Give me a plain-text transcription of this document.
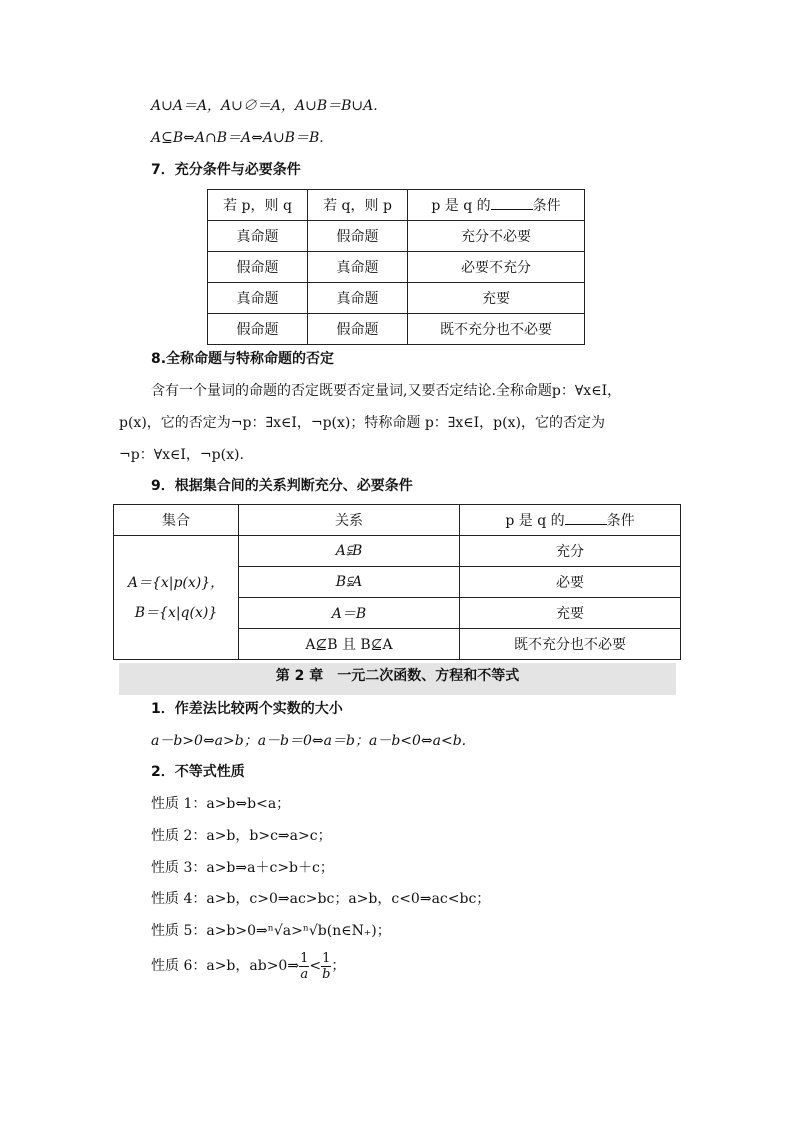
A∪A＝A，A∪∅＝A，A∪B＝B∪A.
A⊆B⇔A∩B＝A⇔A∪B＝B.
7．充分条件与必要条件
若 p，则 q	若 q，则 p	p 是 q 的 条件
真命题	假命题	充分不必要
假命题	真命题	必要不充分
真命题	真命题	充要
假命题	假命题	既不充分也不必要
8.全称命题与特称命题的否定
含有一个量词的命题的否定既要否定量词,又要否定结论.全称命题p：∀x∈I，
p(x)，它的否定为¬p：∃x∈I，¬p(x)；特称命题 p：∃x∈I，p(x)，它的否定为
¬p：∀x∈I，¬p(x).
9．根据集合间的关系判断充分、必要条件
集合	关系	p 是 q 的 条件

A＝{x|p(x)}，
B＝{x|q(x)}	A⫋B	充分
	B⫋A	必要
	A＝B	充要
	A⊈B 且 B⊈A	既不充分也不必要
第 2 章　一元二次函数、方程和不等式
1．作差法比较两个实数的大小
a－b>0⇔a>b；a－b＝0⇔a＝b；a－b<0⇔a<b.
2．不等式性质
性质 1：a>b⇔b<a；
性质 2：a>b，b>c⇒a>c；
性质 3：a>b⇒a＋c>b＋c；
性质 4：a>b，c>0⇒ac>bc；a>b，c<0⇒ac<bc；
性质 5：a>b>0⇒ⁿ√a>ⁿ√b(n∈N₊)；
性质 6：a>b，ab>0⇒ $\frac{1}{a} < \frac{1}{b}$ ；
